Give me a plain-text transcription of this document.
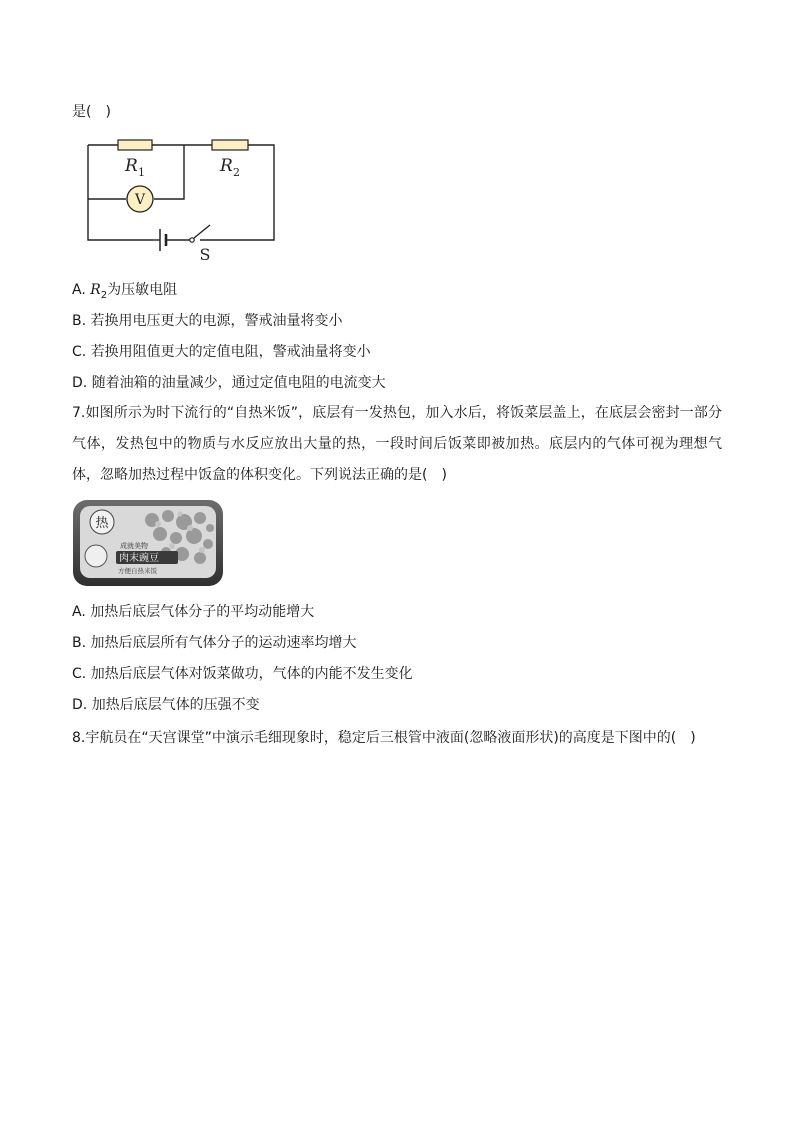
是(　)
V
S
R 1	R 2
A. $R_2$为压敏电阻
B. 若换用电压更大的电源，警戒油量将变小
C. 若换用阻值更大的定值电阻，警戒油量将变小
D. 随着油箱的油量减少，通过定值电阻的电流变大
7.如图所示为时下流行的“自热米饭”，底层有一发热包，加入水后，将饭菜层盖上，在底层会密封一部分气体，发热包中的物质与水反应放出大量的热，一段时间后饭菜即被加热。底层内的气体可视为理想气体，忽略加热过程中饭盒的体积变化。下列说法正确的是(　)
热
成就美物
肉末豌豆
方便自热米饭
A. 加热后底层气体分子的平均动能增大
B. 加热后底层所有气体分子的运动速率均增大
C. 加热后底层气体对饭菜做功，气体的内能不发生变化
D. 加热后底层气体的压强不变
8.宇航员在“天宫课堂”中演示毛细现象时，稳定后三根管中液面(忽略液面形状)的高度是下图中的(　)
